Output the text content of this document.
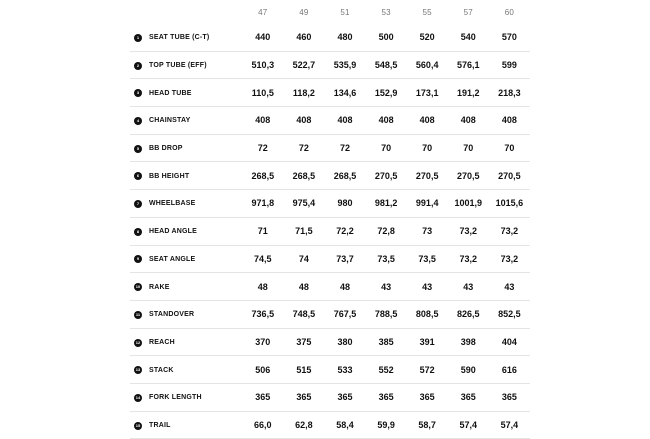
	47	49	51	53	55	57	60
1 SEAT TUBE (C-T)	440	460	480	500	520	540	570
2 TOP TUBE (EFF)	510,3	522,7	535,9	548,5	560,4	576,1	599
3 HEAD TUBE	110,5	118,2	134,6	152,9	173,1	191,2	218,3
4 CHAINSTAY	408	408	408	408	408	408	408
5 BB DROP	72	72	72	70	70	70	70
6 BB HEIGHT	268,5	268,5	268,5	270,5	270,5	270,5	270,5
7 WHEELBASE	971,8	975,4	980	981,2	991,4	1001,9	1015,6
8 HEAD ANGLE	71	71,5	72,2	72,8	73	73,2	73,2
9 SEAT ANGLE	74,5	74	73,7	73,5	73,5	73,2	73,2
10 RAKE	48	48	48	43	43	43	43
11 STANDOVER	736,5	748,5	767,5	788,5	808,5	826,5	852,5
12 REACH	370	375	380	385	391	398	404
13 STACK	506	515	533	552	572	590	616
14 FORK LENGTH	365	365	365	365	365	365	365
15 TRAIL	66,0	62,8	58,4	59,9	58,7	57,4	57,4
